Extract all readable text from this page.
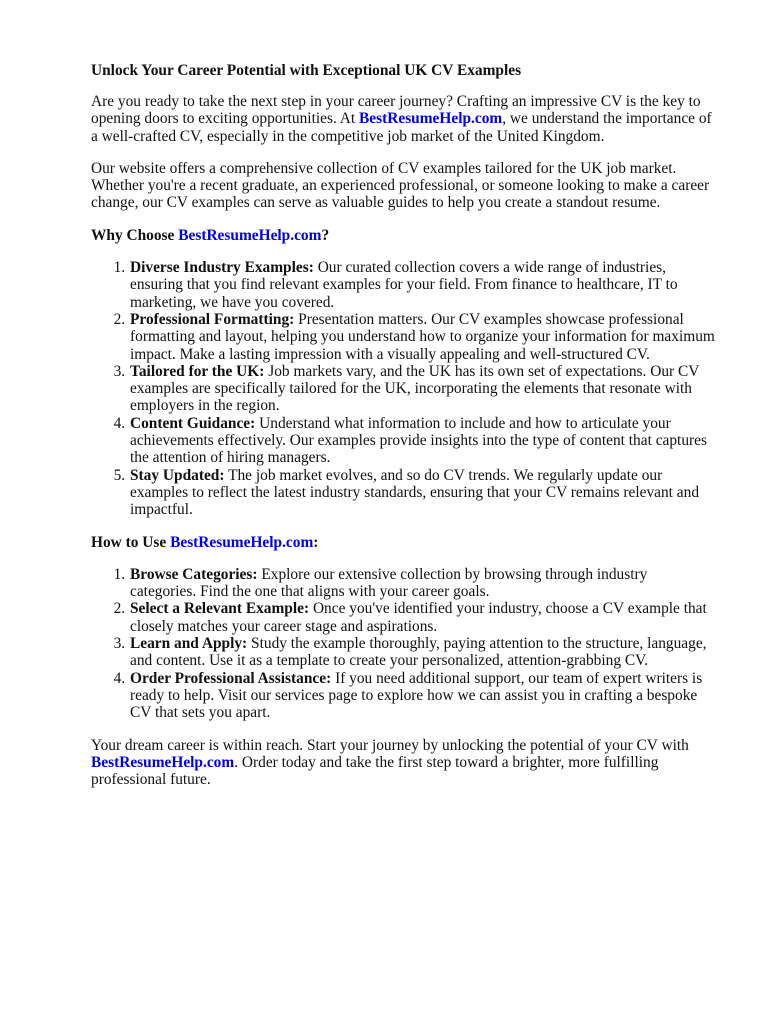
Unlock Your Career Potential with Exceptional UK CV Examples

Are you ready to take the next step in your career journey? Crafting an impressive CV is the key to opening doors to exciting opportunities. At BestResumeHelp.com, we understand the importance of a well-crafted CV, especially in the competitive job market of the United Kingdom.

Our website offers a comprehensive collection of CV examples tailored for the UK job market. Whether you're a recent graduate, an experienced professional, or someone looking to make a career change, our CV examples can serve as valuable guides to help you create a standout resume.

Why Choose BestResumeHelp.com?
1. Diverse Industry Examples: Our curated collection covers a wide range of industries, ensuring that you find relevant examples for your field. From finance to healthcare, IT to marketing, we have you covered.
2. Professional Formatting: Presentation matters. Our CV examples showcase professional formatting and layout, helping you understand how to organize your information for maximum impact. Make a lasting impression with a visually appealing and well-structured CV.
3. Tailored for the UK: Job markets vary, and the UK has its own set of expectations. Our CV examples are specifically tailored for the UK, incorporating the elements that resonate with employers in the region.
4. Content Guidance: Understand what information to include and how to articulate your achievements effectively. Our examples provide insights into the type of content that captures the attention of hiring managers.
5. Stay Updated: The job market evolves, and so do CV trends. We regularly update our examples to reflect the latest industry standards, ensuring that your CV remains relevant and impactful.
How to Use BestResumeHelp.com:
1. Browse Categories: Explore our extensive collection by browsing through industry categories. Find the one that aligns with your career goals.
2. Select a Relevant Example: Once you've identified your industry, choose a CV example that closely matches your career stage and aspirations.
3. Learn and Apply: Study the example thoroughly, paying attention to the structure, language, and content. Use it as a template to create your personalized, attention-grabbing CV.
4. Order Professional Assistance: If you need additional support, our team of expert writers is ready to help. Visit our services page to explore how we can assist you in crafting a bespoke CV that sets you apart.

Your dream career is within reach. Start your journey by unlocking the potential of your CV with BestResumeHelp.com. Order today and take the first step toward a brighter, more fulfilling professional future.
